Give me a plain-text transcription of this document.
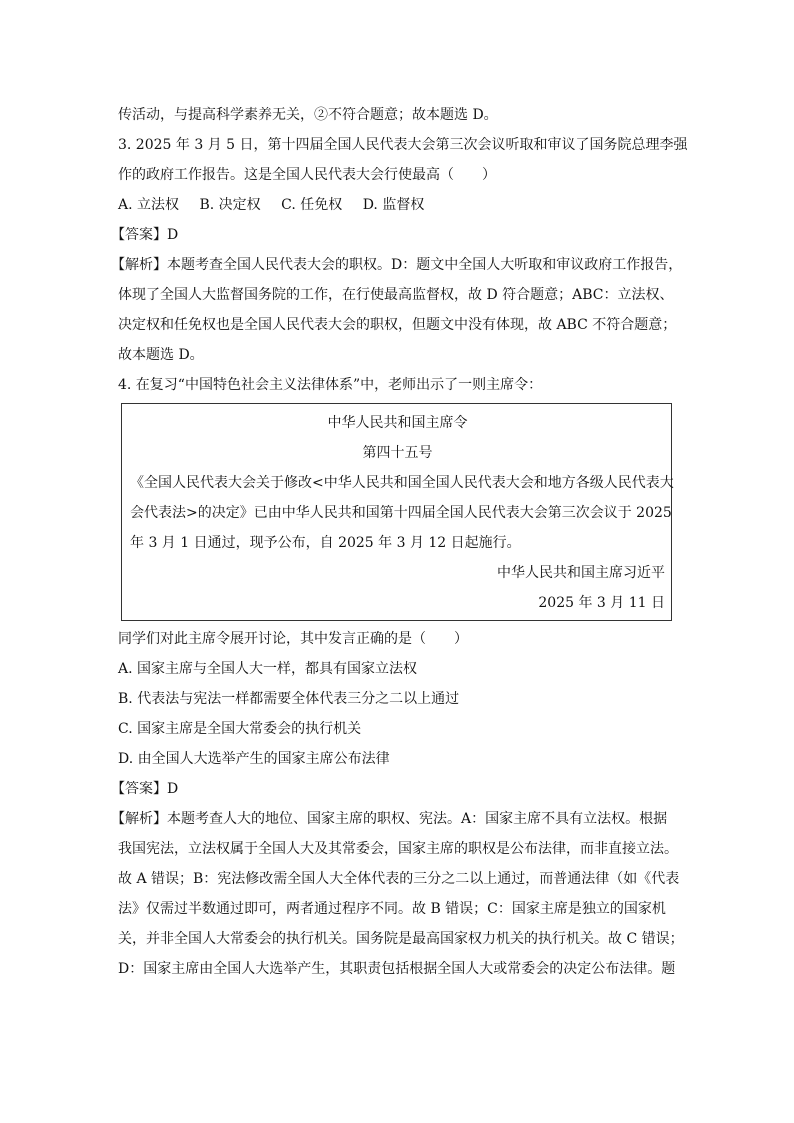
传活动，与提高科学素养无关，②不符合题意；故本题选 D。
3. 2025 年 3 月 5 日，第十四届全国人民代表大会第三次会议听取和审议了国务院总理李强
作的政府工作报告。这是全国人民代表大会行使最高（　　）
A. 立法权 B. 决定权 C. 任免权 D. 监督权
【答案】D
【解析】本题考查全国人民代表大会的职权。D：题文中全国人大听取和审议政府工作报告，
体现了全国人大监督国务院的工作，在行使最高监督权，故 D 符合题意；ABC：立法权、
决定权和任免权也是全国人民代表大会的职权，但题文中没有体现，故 ABC 不符合题意；
故本题选 D。
4. 在复习“中国特色社会主义法律体系”中，老师出示了一则主席令：
中华人民共和国主席令
第四十五号
《全国人民代表大会关于修改<中华人民共和国全国人民代表大会和地方各级人民代表大
会代表法>的决定》已由中华人民共和国第十四届全国人民代表大会第三次会议于 2025
年 3 月 1 日通过，现予公布，自 2025 年 3 月 12 日起施行。
中华人民共和国主席习近平
2025 年 3 月 11 日
同学们对此主席令展开讨论，其中发言正确的是（　　）
A. 国家主席与全国人大一样，都具有国家立法权
B. 代表法与宪法一样都需要全体代表三分之二以上通过
C. 国家主席是全国大常委会的执行机关
D. 由全国人大选举产生的国家主席公布法律
【答案】D
【解析】本题考查人大的地位、国家主席的职权、宪法。A：国家主席不具有立法权。根据
我国宪法，立法权属于全国人大及其常委会，国家主席的职权是公布法律，而非直接立法。
故 A 错误；B：宪法修改需全国人大全体代表的三分之二以上通过，而普通法律（如《代表
法》仅需过半数通过即可，两者通过程序不同。故 B 错误；C：国家主席是独立的国家机
关，并非全国人大常委会的执行机关。国务院是最高国家权力机关的执行机关。故 C 错误；
D：国家主席由全国人大选举产生，其职责包括根据全国人大或常委会的决定公布法律。题
